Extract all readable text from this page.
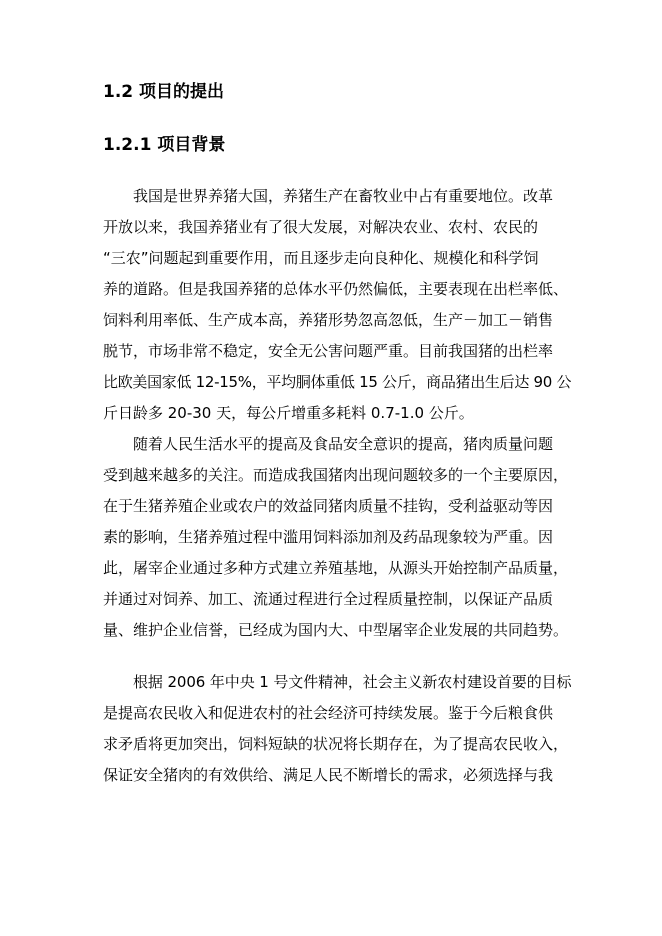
1.2 项目的提出
1.2.1 项目背景

我国是世界养猪大国，养猪生产在畜牧业中占有重要地位。改革
开放以来，我国养猪业有了很大发展，对解决农业、农村、农民的
“三农”问题起到重要作用，而且逐步走向良种化、规模化和科学饲
养的道路。但是我国养猪的总体水平仍然偏低，主要表现在出栏率低、
饲料利用率低、生产成本高，养猪形势忽高忽低，生产－加工－销售
脱节，市场非常不稳定，安全无公害问题严重。目前我国猪的出栏率
比欧美国家低 12-15%，平均胴体重低 15 公斤，商品猪出生后达 90 公
斤日龄多 20-30 天，每公斤增重多耗料 0.7-1.0 公斤。

随着人民生活水平的提高及食品安全意识的提高，猪肉质量问题
受到越来越多的关注。而造成我国猪肉出现问题较多的一个主要原因，
在于生猪养殖企业或农户的效益同猪肉质量不挂钩，受利益驱动等因
素的影响，生猪养殖过程中滥用饲料添加剂及药品现象较为严重。因
此，屠宰企业通过多种方式建立养殖基地，从源头开始控制产品质量，
并通过对饲养、加工、流通过程进行全过程质量控制，以保证产品质
量、维护企业信誉，已经成为国内大、中型屠宰企业发展的共同趋势。

根据 2006 年中央 1 号文件精神，社会主义新农村建设首要的目标
是提高农民收入和促进农村的社会经济可持续发展。鉴于今后粮食供
求矛盾将更加突出，饲料短缺的状况将长期存在，为了提高农民收入，
保证安全猪肉的有效供给、满足人民不断增长的需求，必须选择与我
